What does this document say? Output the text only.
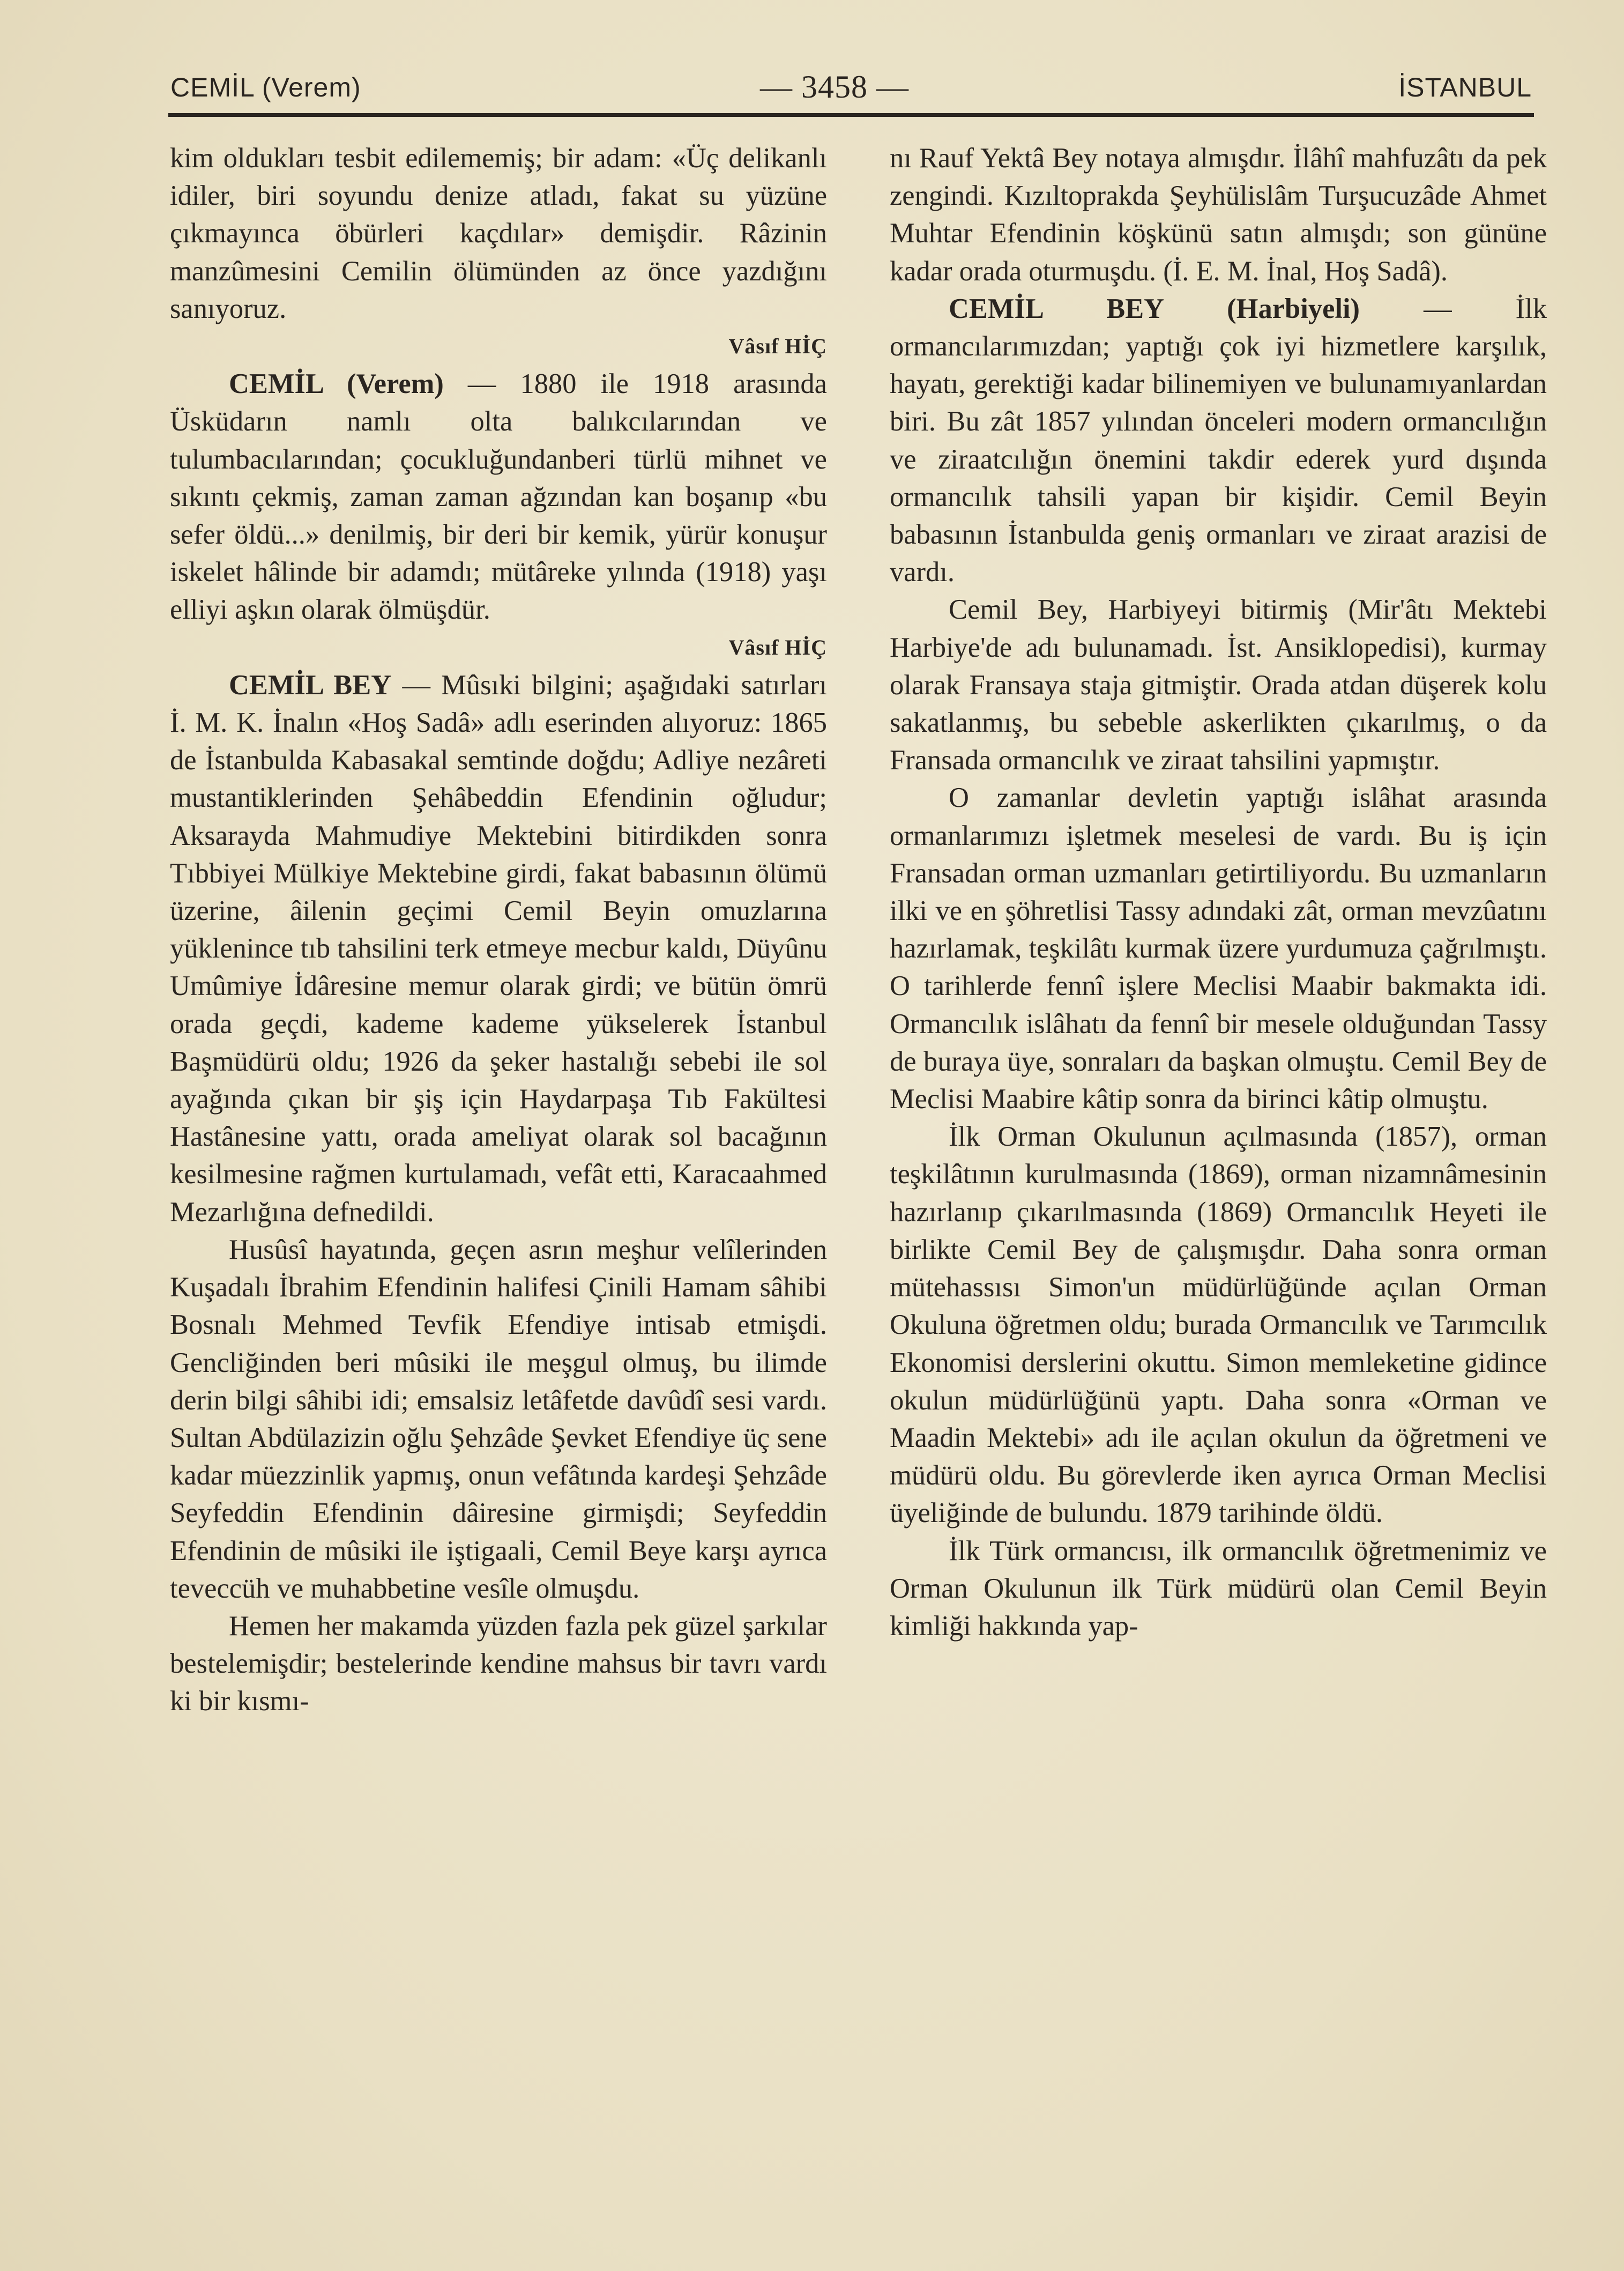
CEMİL (Verem)	— 3458 —	İSTANBUL

kim oldukları tesbit edilememiş; bir adam: «Üç delikanlı idiler, biri soyundu denize atladı, fakat su yüzüne çıkmayınca öbürleri kaçdılar» demişdir. Râzinin manzûmesini Cemilin ölümünden az önce yazdığını sanıyoruz.

Vâsıf HİÇ

CEMİL (Verem) — 1880 ile 1918 arasında Üsküdarın namlı olta balıkcılarından ve tulumbacılarından; çocukluğundanberi türlü mihnet ve sıkıntı çekmiş, zaman zaman ağzından kan boşanıp «bu sefer öldü...» denilmiş, bir deri bir kemik, yürür konuşur iskelet hâlinde bir adamdı; mütâreke yılında (1918) yaşı elliyi aşkın olarak ölmüşdür.

Vâsıf HİÇ

CEMİL BEY — Mûsıki bilgini; aşağıdaki satırları İ. M. K. İnalın «Hoş Sadâ» adlı eserinden alıyoruz: 1865 de İstanbulda Kabasakal semtinde doğdu; Adliye nezâreti mustantiklerinden Şehâbeddin Efendinin oğludur; Aksarayda Mahmudiye Mektebini bitirdikden sonra Tıbbiyei Mülkiye Mektebine girdi, fakat babasının ölümü üzerine, âilenin geçimi Cemil Beyin omuzlarına yüklenince tıb tahsilini terk etmeye mecbur kaldı, Düyûnu Umûmiye İdâresine memur olarak girdi; ve bütün ömrü orada geçdi, kademe kademe yükselerek İstanbul Başmüdürü oldu; 1926 da şeker hastalığı sebebi ile sol ayağında çıkan bir şiş için Haydarpaşa Tıb Fakültesi Hastânesine yattı, orada ameliyat olarak sol bacağının kesilmesine rağmen kurtulamadı, vefât etti, Karacaahmed Mezarlığına defnedildi.

Husûsî hayatında, geçen asrın meşhur velîlerinden Kuşadalı İbrahim Efendinin halifesi Çinili Hamam sâhibi Bosnalı Mehmed Tevfik Efendiye intisab etmişdi. Gencliğinden beri mûsiki ile meşgul olmuş, bu ilimde derin bilgi sâhibi idi; emsalsiz letâfetde davûdî sesi vardı. Sultan Abdülazizin oğlu Şehzâde Şevket Efendiye üç sene kadar müezzinlik yapmış, onun vefâtında kardeşi Şehzâde Seyfeddin Efendinin dâiresine girmişdi; Seyfeddin Efendinin de mûsiki ile iştigaali, Cemil Beye karşı ayrıca teveccüh ve muhabbetine vesîle olmuşdu.

Hemen her makamda yüzden fazla pek güzel şarkılar bestelemişdir; bestelerinde kendine mahsus bir tavrı vardı ki bir kısmı-

nı Rauf Yektâ Bey notaya almışdır. İlâhî mahfuzâtı da pek zengindi. Kızıltoprakda Şeyhülislâm Turşucuzâde Ahmet Muhtar Efendinin köşkünü satın almışdı; son gününe kadar orada oturmuşdu. (İ. E. M. İnal, Hoş Sadâ).

CEMİL BEY (Harbiyeli) — İlk ormancılarımızdan; yaptığı çok iyi hizmetlere karşılık, hayatı, gerektiği kadar bilinemiyen ve bulunamıyanlardan biri. Bu zât 1857 yılından önceleri modern ormancılığın ve ziraatcılığın önemini takdir ederek yurd dışında ormancılık tahsili yapan bir kişidir. Cemil Beyin babasının İstanbulda geniş ormanları ve ziraat arazisi de vardı.

Cemil Bey, Harbiyeyi bitirmiş (Mir'âtı Mektebi Harbiye'de adı bulunamadı. İst. Ansiklopedisi), kurmay olarak Fransaya staja gitmiştir. Orada atdan düşerek kolu sakatlanmış, bu sebeble askerlikten çıkarılmış, o da Fransada ormancılık ve ziraat tahsilini yapmıştır.

O zamanlar devletin yaptığı islâhat arasında ormanlarımızı işletmek meselesi de vardı. Bu iş için Fransadan orman uzmanları getirtiliyordu. Bu uzmanların ilki ve en şöhretlisi Tassy adındaki zât, orman mevzûatını hazırlamak, teşkilâtı kurmak üzere yurdumuza çağrılmıştı. O tarihlerde fennî işlere Meclisi Maabir bakmakta idi. Ormancılık islâhatı da fennî bir mesele olduğundan Tassy de buraya üye, sonraları da başkan olmuştu. Cemil Bey de Meclisi Maabire kâtip sonra da birinci kâtip olmuştu.

İlk Orman Okulunun açılmasında (1857), orman teşkilâtının kurulmasında (1869), orman nizamnâmesinin hazırlanıp çıkarılmasında (1869) Ormancılık Heyeti ile birlikte Cemil Bey de çalışmışdır. Daha sonra orman mütehassısı Simon'un müdürlüğünde açılan Orman Okuluna öğretmen oldu; burada Ormancılık ve Tarımcılık Ekonomisi derslerini okuttu. Simon memleketine gidince okulun müdürlüğünü yaptı. Daha sonra «Orman ve Maadin Mektebi» adı ile açılan okulun da öğretmeni ve müdürü oldu. Bu görevlerde iken ayrıca Orman Meclisi üyeliğinde de bulundu. 1879 tarihinde öldü.

İlk Türk ormancısı, ilk ormancılık öğretmenimiz ve Orman Okulunun ilk Türk müdürü olan Cemil Beyin kimliği hakkında yap-
